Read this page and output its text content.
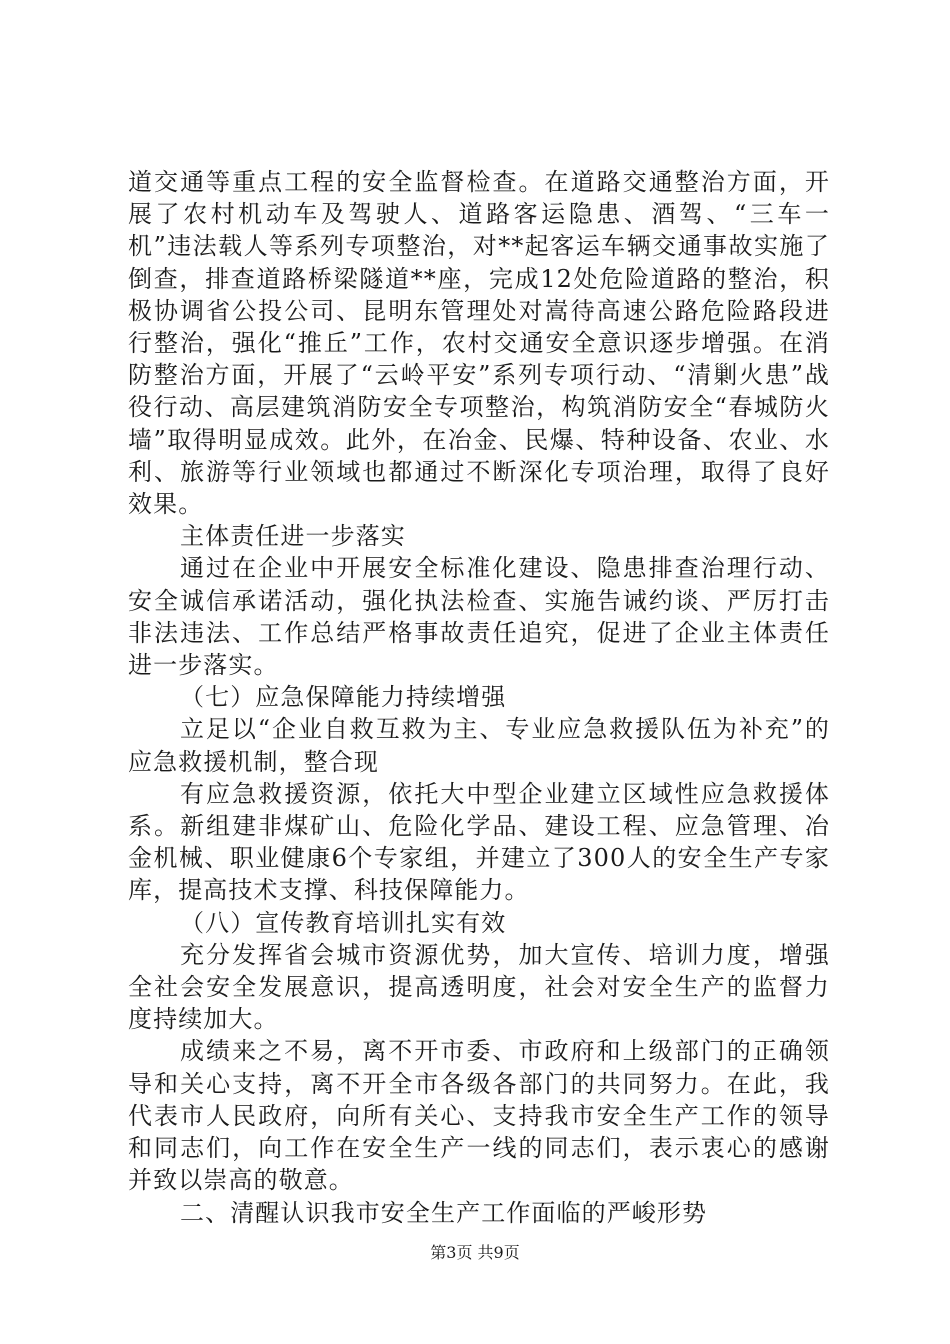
道交通等重点工程的安全监督检查。在道路交通整治方面，开展了农村机动车及驾驶人、道路客运隐患、酒驾、“三车一机”违法载人等系列专项整治，对**起客运车辆交通事故实施了倒查，排查道路桥梁隧道**座，完成12处危险道路的整治，积极协调省公投公司、昆明东管理处对嵩待高速公路危险路段进行整治，强化“推丘”工作，农村交通安全意识逐步增强。在消防整治方面，开展了“云岭平安”系列专项行动、“清剿火患”战役行动、高层建筑消防安全专项整治，构筑消防安全“春城防火墙”取得明显成效。此外，在冶金、民爆、特种设备、农业、水利、旅游等行业领域也都通过不断深化专项治理，取得了良好效果。

主体责任进一步落实

通过在企业中开展安全标准化建设、隐患排查治理行动、安全诚信承诺活动，强化执法检查、实施告诫约谈、严厉打击非法违法、工作总结严格事故责任追究，促进了企业主体责任进一步落实。

（七）应急保障能力持续增强

立足以“企业自救互救为主、专业应急救援队伍为补充”的应急救援机制，整合现

有应急救援资源，依托大中型企业建立区域性应急救援体系。新组建非煤矿山、危险化学品、建设工程、应急管理、冶金机械、职业健康6个专家组，并建立了300人的安全生产专家库，提高技术支撑、科技保障能力。

（八）宣传教育培训扎实有效

充分发挥省会城市资源优势，加大宣传、培训力度，增强全社会安全发展意识，提高透明度，社会对安全生产的监督力度持续加大。

成绩来之不易，离不开市委、市政府和上级部门的正确领导和关心支持，离不开全市各级各部门的共同努力。在此，我代表市人民政府，向所有关心、支持我市安全生产工作的领导和同志们，向工作在安全生产一线的同志们，表示衷心的感谢并致以崇高的敬意。

二、清醒认识我市安全生产工作面临的严峻形势

第3页 共9页
